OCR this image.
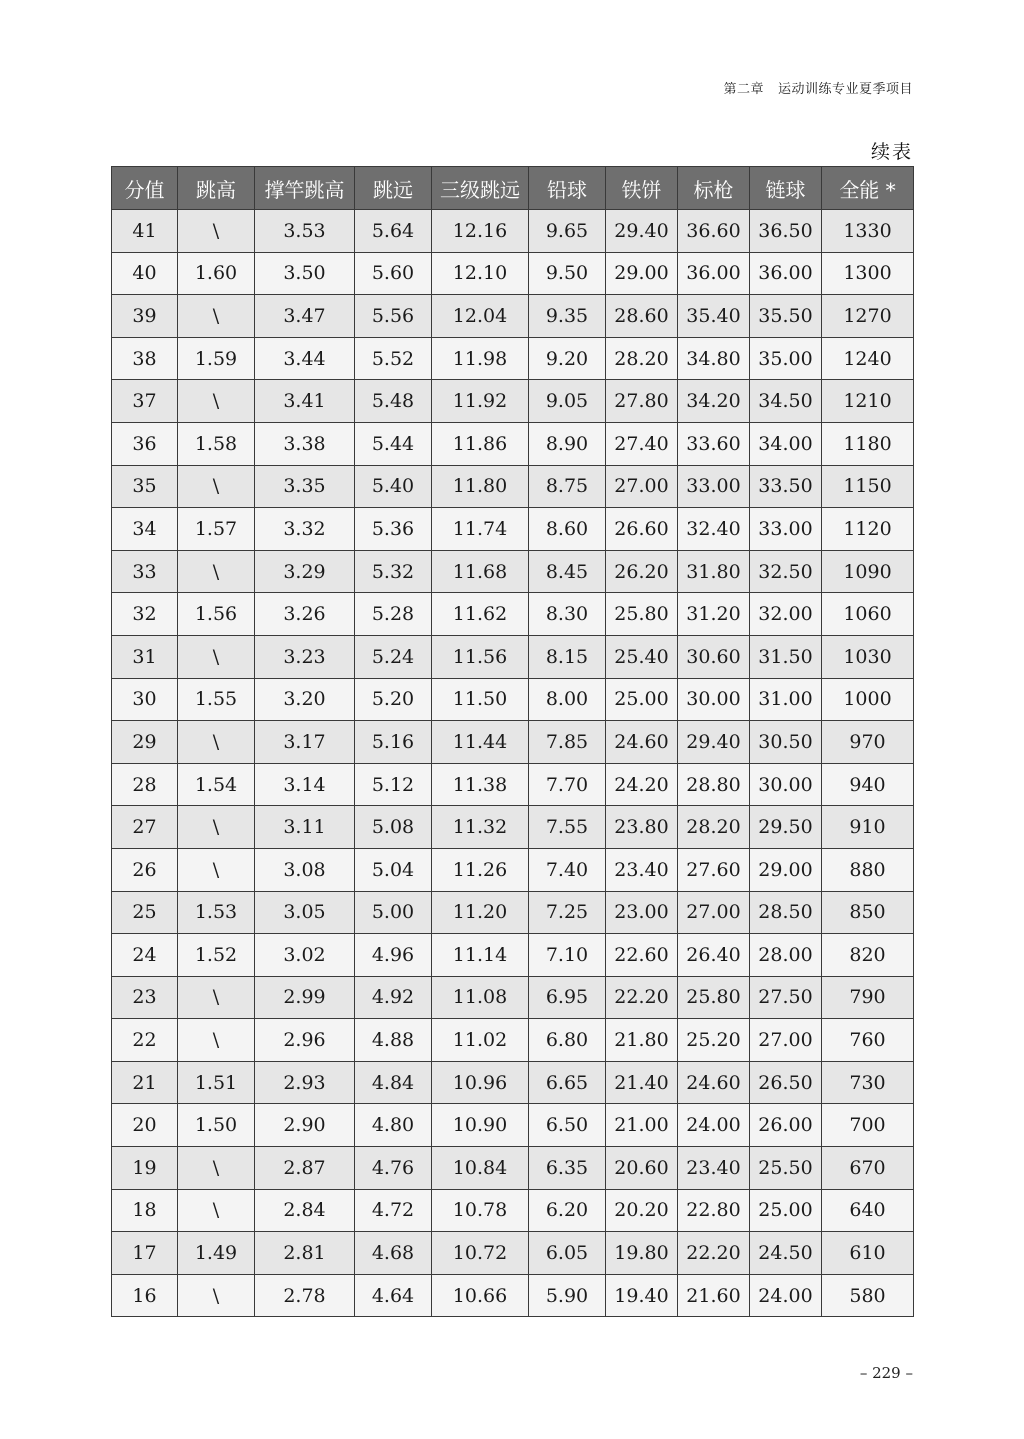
第二章 运动训练专业夏季项目
续表
分值	跳高	撑竿跳高	跳远	三级跳远	铅球	铁饼	标枪	链球	全能 *
41	\	3.53	5.64	12.16	9.65	29.40	36.60	36.50	1330
40	1.60	3.50	5.60	12.10	9.50	29.00	36.00	36.00	1300
39	\	3.47	5.56	12.04	9.35	28.60	35.40	35.50	1270
38	1.59	3.44	5.52	11.98	9.20	28.20	34.80	35.00	1240
37	\	3.41	5.48	11.92	9.05	27.80	34.20	34.50	1210
36	1.58	3.38	5.44	11.86	8.90	27.40	33.60	34.00	1180
35	\	3.35	5.40	11.80	8.75	27.00	33.00	33.50	1150
34	1.57	3.32	5.36	11.74	8.60	26.60	32.40	33.00	1120
33	\	3.29	5.32	11.68	8.45	26.20	31.80	32.50	1090
32	1.56	3.26	5.28	11.62	8.30	25.80	31.20	32.00	1060
31	\	3.23	5.24	11.56	8.15	25.40	30.60	31.50	1030
30	1.55	3.20	5.20	11.50	8.00	25.00	30.00	31.00	1000
29	\	3.17	5.16	11.44	7.85	24.60	29.40	30.50	970
28	1.54	3.14	5.12	11.38	7.70	24.20	28.80	30.00	940
27	\	3.11	5.08	11.32	7.55	23.80	28.20	29.50	910
26	\	3.08	5.04	11.26	7.40	23.40	27.60	29.00	880
25	1.53	3.05	5.00	11.20	7.25	23.00	27.00	28.50	850
24	1.52	3.02	4.96	11.14	7.10	22.60	26.40	28.00	820
23	\	2.99	4.92	11.08	6.95	22.20	25.80	27.50	790
22	\	2.96	4.88	11.02	6.80	21.80	25.20	27.00	760
21	1.51	2.93	4.84	10.96	6.65	21.40	24.60	26.50	730
20	1.50	2.90	4.80	10.90	6.50	21.00	24.00	26.00	700
19	\	2.87	4.76	10.84	6.35	20.60	23.40	25.50	670
18	\	2.84	4.72	10.78	6.20	20.20	22.80	25.00	640
17	1.49	2.81	4.68	10.72	6.05	19.80	22.20	24.50	610
16	\	2.78	4.64	10.66	5.90	19.40	21.60	24.00	580
– 229 –
